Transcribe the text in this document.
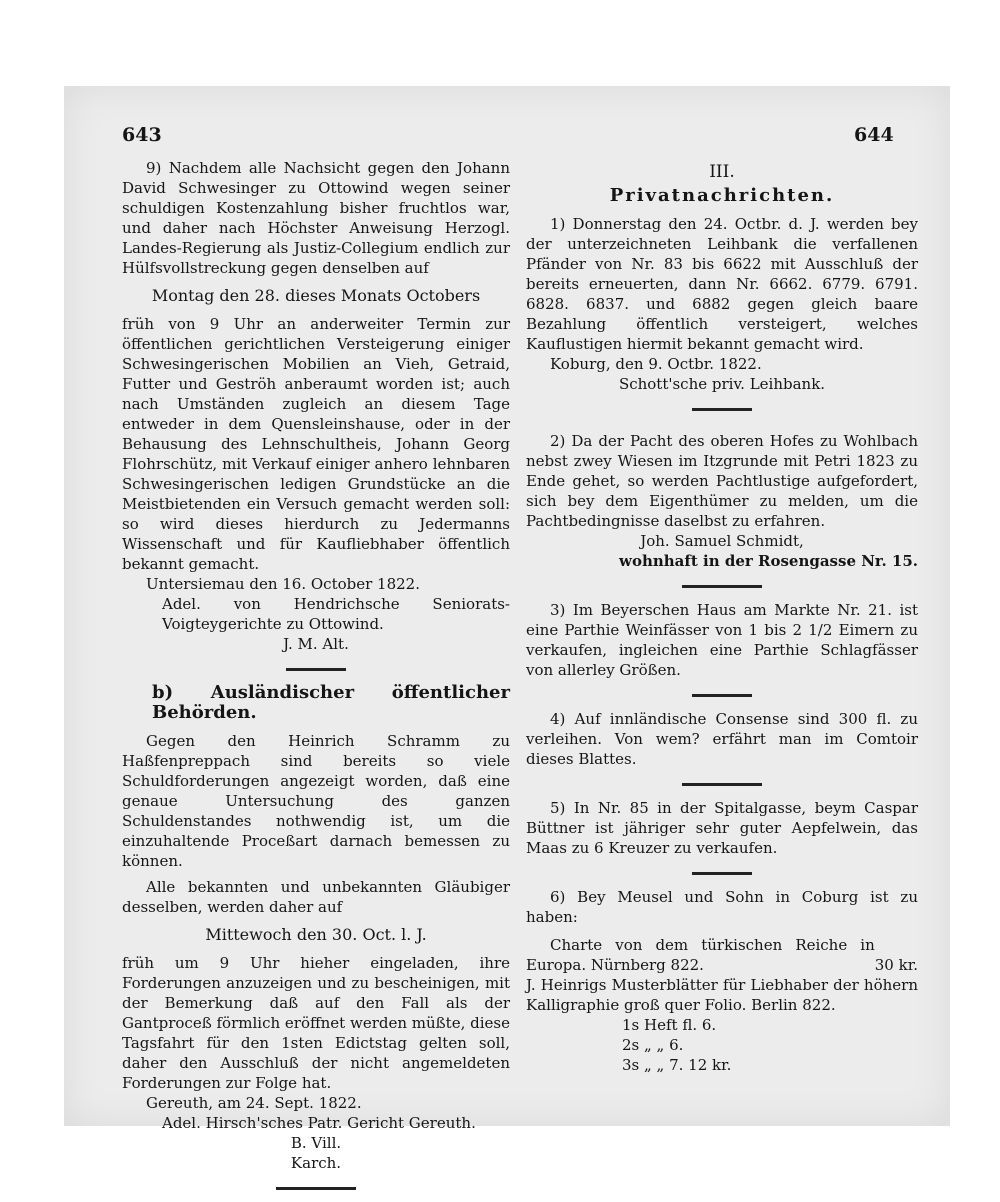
643

9) Nachdem alle Nachsicht gegen den Johann David Schwesinger zu Ottowind wegen seiner schuldigen Kostenzahlung bisher fruchtlos war, und daher nach Höchster Anweisung Herzogl. Landes-Regierung als Justiz-Collegium endlich zur Hülfsvollstreckung gegen denselben auf

Montag den 28. dieses Monats Octobers

früh von 9 Uhr an anderweiter Termin zur öffentlichen gerichtlichen Versteigerung einiger Schwesingerischen Mobilien an Vieh, Getraid, Futter und Geströh anberaumt worden ist; auch nach Umständen zugleich an diesem Tage entweder in dem Quensleinshause, oder in der Behausung des Lehnschultheis, Johann Georg Flohrschütz, mit Verkauf einiger anhero lehnbaren Schwesingerischen ledigen Grundstücke an die Meistbietenden ein Versuch gemacht werden soll: so wird dieses hierdurch zu Jedermanns Wissenschaft und für Kaufliebhaber öffentlich bekannt gemacht.

Untersiemau den 16. October 1822.

Adel. von Hendrichsche Seniorats-Voigteygerichte zu Ottowind.

J. M. Alt.

b) Ausländischer öffentlicher Behörden.

Gegen den Heinrich Schramm zu Haßfenpreppach sind bereits so viele Schuldforderungen angezeigt worden, daß eine genaue Untersuchung des ganzen Schuldenstandes nothwendig ist, um die einzuhaltende Proceßart darnach bemessen zu können.

Alle bekannten und unbekannten Gläubiger desselben, werden daher auf

Mittewoch den 30. Oct. l. J.

früh um 9 Uhr hieher eingeladen, ihre Forderungen anzuzeigen und zu bescheinigen, mit der Bemerkung daß auf den Fall als der Gantproceß förmlich eröffnet werden müßte, diese Tagsfahrt für den 1sten Edictstag gelten soll, daher den Ausschluß der nicht angemeldeten Forderungen zur Folge hat.

Gereuth, am 24. Sept. 1822.

Adel. Hirsch'sches Patr. Gericht Gereuth.

B. Vill.

Karch.

644

III.

Privatnachrichten.

1) Donnerstag den 24. Octbr. d. J. werden bey der unterzeichneten Leihbank die verfallenen Pfänder von Nr. 83 bis 6622 mit Ausschluß der bereits erneuerten, dann Nr. 6662. 6779. 6791. 6828. 6837. und 6882 gegen gleich baare Bezahlung öffentlich versteigert, welches Kauflustigen hiermit bekannt gemacht wird.

Koburg, den 9. Octbr. 1822.

Schott'sche priv. Leihbank.

2) Da der Pacht des oberen Hofes zu Wohlbach nebst zwey Wiesen im Itzgrunde mit Petri 1823 zu Ende gehet, so werden Pachtlustige aufgefordert, sich bey dem Eigenthümer zu melden, um die Pachtbedingnisse daselbst zu erfahren.

Joh. Samuel Schmidt,

wohnhaft in der Rosengasse Nr. 15.

3) Im Beyerschen Haus am Markte Nr. 21. ist eine Parthie Weinfässer von 1 bis 2 1/2 Eimern zu verkaufen, ingleichen eine Parthie Schlagfässer von allerley Größen.

4) Auf innländische Consense sind 300 fl. zu verleihen. Von wem? erfährt man im Comtoir dieses Blattes.

5) In Nr. 85 in der Spitalgasse, beym Caspar Büttner ist jähriger sehr guter Aepfelwein, das Maas zu 6 Kreuzer zu verkaufen.

6) Bey Meusel und Sohn in Coburg ist zu haben:

Charte von dem türkischen Reiche in Europa. Nürnberg 822.	30 kr.

J. Heinrigs Musterblätter für Liebhaber der höhern Kalligraphie groß quer Folio. Berlin 822.

1s Heft fl. 6.

2s „ „ 6.

3s „ „ 7. 12 kr.
